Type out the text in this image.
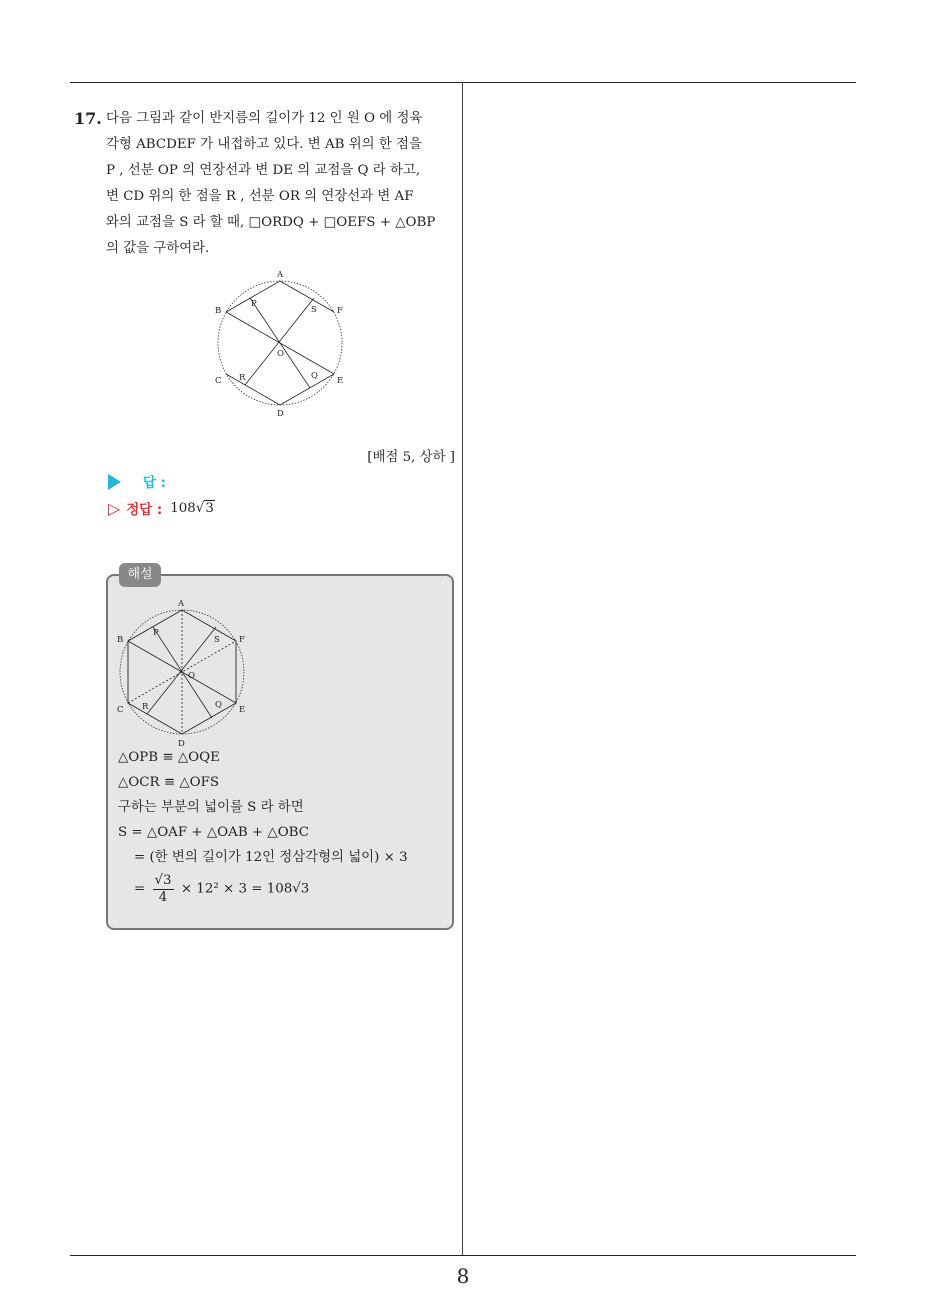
17. 다음 그림과 같이 반지름의 길이가 12 인 원 O 에 정육
각형 ABCDEF 가 내접하고 있다. 변 AB 위의 한 점을
P , 선분 OP 의 연장선과 변 DE 의 교점을 Q 라 하고,
변 CD 위의 한 점을 R , 선분 OR 의 연장선과 변 AF
와의 교점을 S 라 할 때, □ORDQ + □OEFS + △OBP
의 값을 구하여라.
A
B
C
D
E
F
O
P
Q
R
S
[배점 5, 상하 ]
답 :
▷ 정답 : 108 √3
해설
A
B
C
D
E
F
O
P
Q
R
S
△OPB ≡ △OQE
△OCR ≡ △OFS
구하는 부분의 넓이를 S 라 하면
S = △OAF + △OAB + △OBC
= (한 변의 길이가 12인 정삼각형의 넓이) × 3
= $\frac{√3}{4} \times 12^2 \times 3 = 108√3$
8
